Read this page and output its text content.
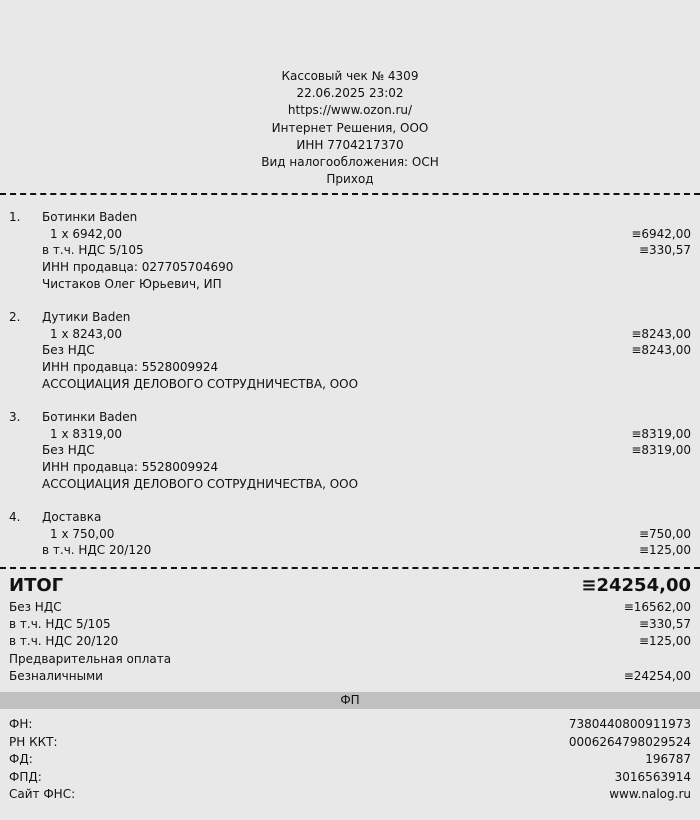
Кассовый чек № 4309
22.06.2025 23:02
https://www.ozon.ru/
Интернет Решения, ООО
ИНН 7704217370
Вид налогообложения: ОСН
Приход
1. Ботинки Baden
1 х 6942,00	≡6942,00
в т.ч. НДС 5/105	≡330,57
ИНН продавца: 027705704690
Чистаков Олег Юрьевич, ИП
2. Дутики Baden
1 х 8243,00	≡8243,00
Без НДС	≡8243,00
ИНН продавца: 5528009924
АССОЦИАЦИЯ ДЕЛОВОГО СОТРУДНИЧЕСТВА, ООО
3. Ботинки Baden
1 х 8319,00	≡8319,00
Без НДС	≡8319,00
ИНН продавца: 5528009924
АССОЦИАЦИЯ ДЕЛОВОГО СОТРУДНИЧЕСТВА, ООО
4. Доставка
1 х 750,00	≡750,00
в т.ч. НДС 20/120	≡125,00
ИТОГ	≡24254,00
Без НДС	≡16562,00
в т.ч. НДС 5/105	≡330,57
в т.ч. НДС 20/120	≡125,00
Предварительная оплата
Безналичными	≡24254,00
ФП
ФН:	7380440800911973
РН ККТ:	0006264798029524
ФД:	196787
ФПД:	3016563914
Сайт ФНС:	www.nalog.ru
